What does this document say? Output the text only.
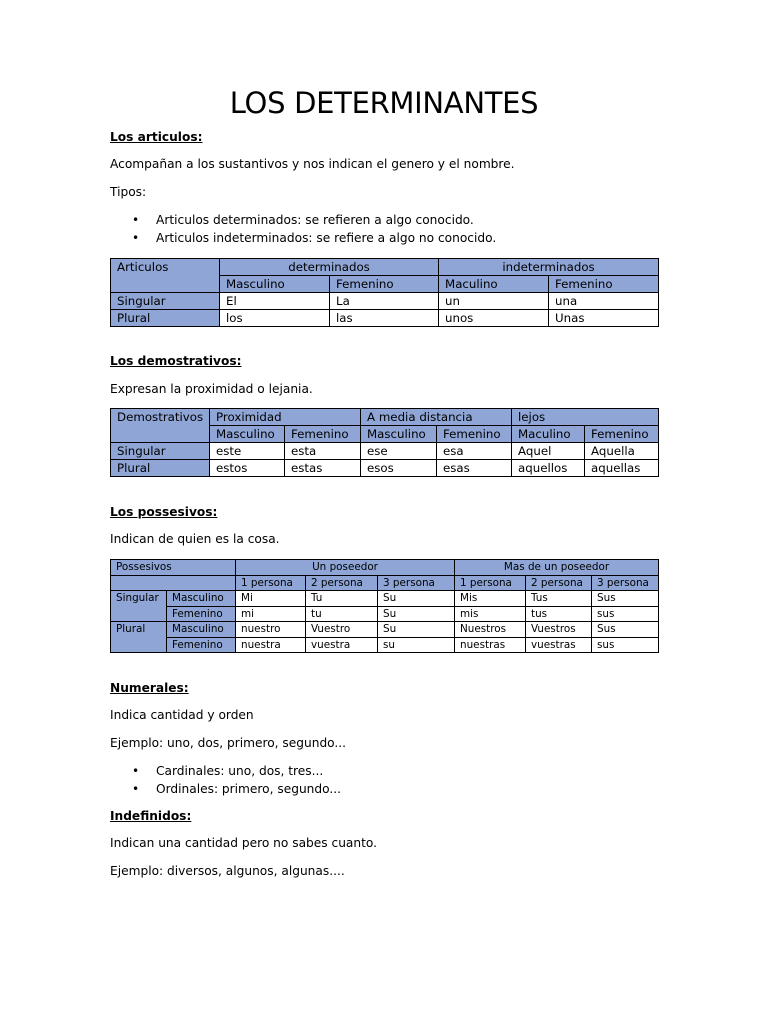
LOS DETERMINANTES
Los articulos:
Acompañan a los sustantivos y nos indican el genero y el nombre.
Tipos:
• Articulos determinados: se refieren a algo conocido.
• Articulos indeterminados: se refiere a algo no conocido.
Articulos	determinados		indeterminados	
	Masculino	Femenino	Maculino	Femenino
Singular	El	La	un	una
Plural	los	las	unos	Unas
Los demostrativos:
Expresan la proximidad o lejania.
Demostrativos	Proximidad		A media distancia		lejos	
	Masculino	Femenino	Masculino	Femenino	Maculino	Femenino
Singular	este	esta	ese	esa	Aquel	Aquella
Plural	estos	estas	esos	esas	aquellos	aquellas
Los possesivos:
Indican de quien es la cosa.
Possesivos		Un poseedor			Mas de un poseedor		
		1 persona	2 persona	3 persona	1 persona	2 persona	3 persona
Singular	Masculino	Mi	Tu	Su	Mis	Tus	Sus
	Femenino	mi	tu	Su	mis	tus	sus
Plural	Masculino	nuestro	Vuestro	Su	Nuestros	Vuestros	Sus
	Femenino	nuestra	vuestra	su	nuestras	vuestras	sus
Numerales:
Indica cantidad y orden
Ejemplo: uno, dos, primero, segundo...
• Cardinales: uno, dos, tres...
• Ordinales: primero, segundo...
Indefinidos:
Indican una cantidad pero no sabes cuanto.
Ejemplo: diversos, algunos, algunas....
